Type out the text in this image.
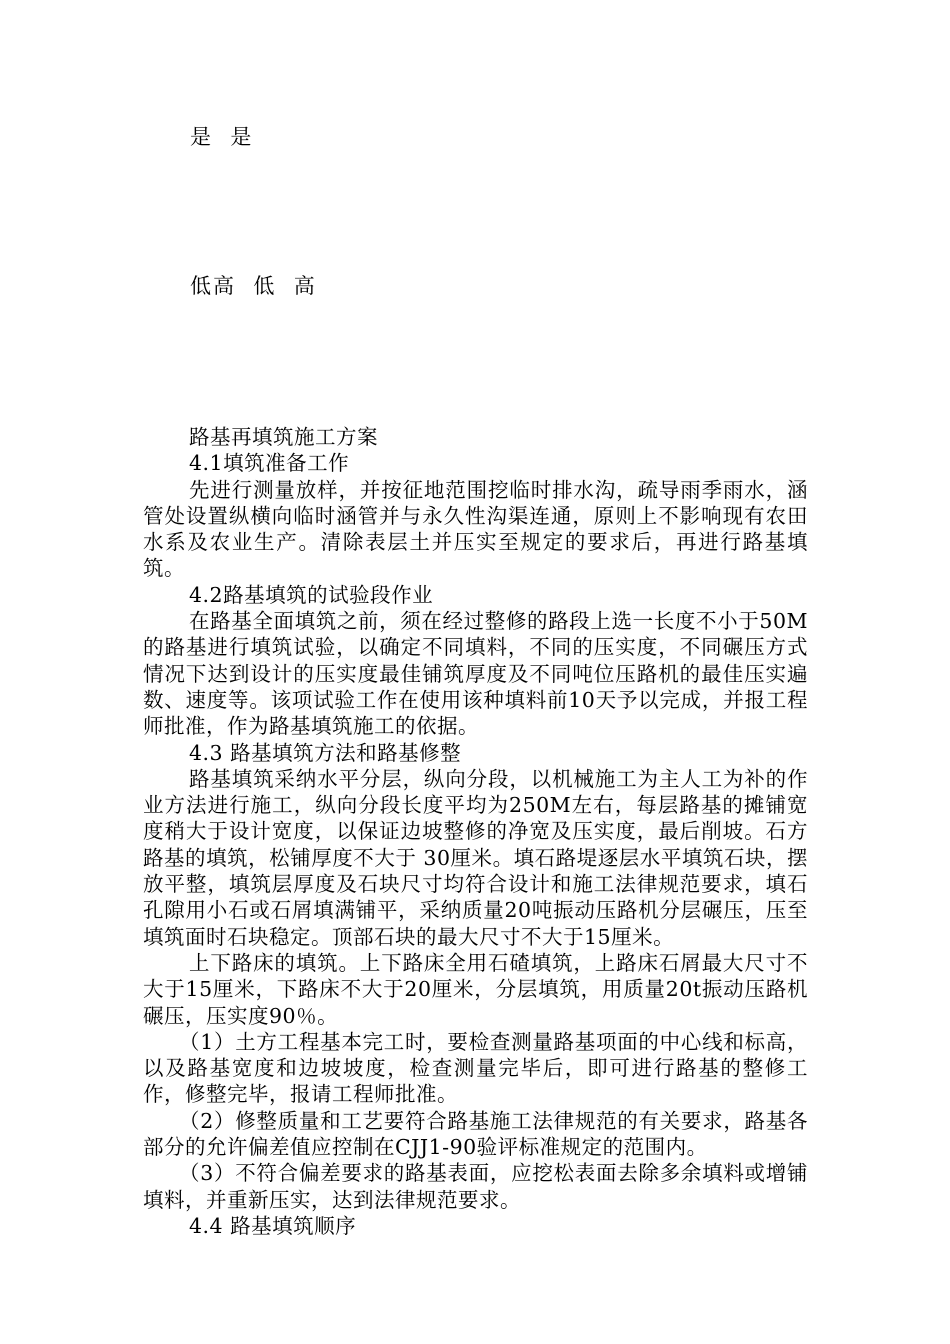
是  是
低高  低  高

路基再填筑施工方案

4.1填筑准备工作

先进行测量放样，并按征地范围挖临时排水沟，疏导雨季雨水，涵管处设置纵横向临时涵管并与永久性沟渠连通，原则上不影响现有农田水系及农业生产。清除表层土并压实至规定的要求后，再进行路基填筑。

4.2路基填筑的试验段作业

在路基全面填筑之前，须在经过整修的路段上选一长度不小于50M的路基进行填筑试验，以确定不同填料，不同的压实度，不同碾压方式情况下达到设计的压实度最佳铺筑厚度及不同吨位压路机的最佳压实遍数、速度等。该项试验工作在使用该种填料前10天予以完成，并报工程师批准，作为路基填筑施工的依据。

4.3 路基填筑方法和路基修整

路基填筑采纳水平分层，纵向分段，以机械施工为主人工为补的作业方法进行施工，纵向分段长度平均为250M左右，每层路基的摊铺宽度稍大于设计宽度，以保证边坡整修的净宽及压实度，最后削坡。石方路基的填筑，松铺厚度不大于 30厘米。填石路堤逐层水平填筑石块，摆放平整，填筑层厚度及石块尺寸均符合设计和施工法律规范要求，填石孔隙用小石或石屑填满铺平，采纳质量20吨振动压路机分层碾压，压至填筑面时石块稳定。顶部石块的最大尺寸不大于15厘米。

上下路床的填筑。上下路床全用石碴填筑，上路床石屑最大尺寸不大于15厘米，下路床不大于20厘米，分层填筑，用质量20t振动压路机碾压，压实度90％。

（1）土方工程基本完工时，要检查测量路基项面的中心线和标高，以及路基宽度和边坡坡度，检查测量完毕后，即可进行路基的整修工作，修整完毕，报请工程师批准。

（2）修整质量和工艺要符合路基施工法律规范的有关要求，路基各部分的允许偏差值应控制在CJJ1-90验评标准规定的范围内。

（3）不符合偏差要求的路基表面，应挖松表面去除多余填料或增铺填料，并重新压实，达到法律规范要求。

4.4 路基填筑顺序
